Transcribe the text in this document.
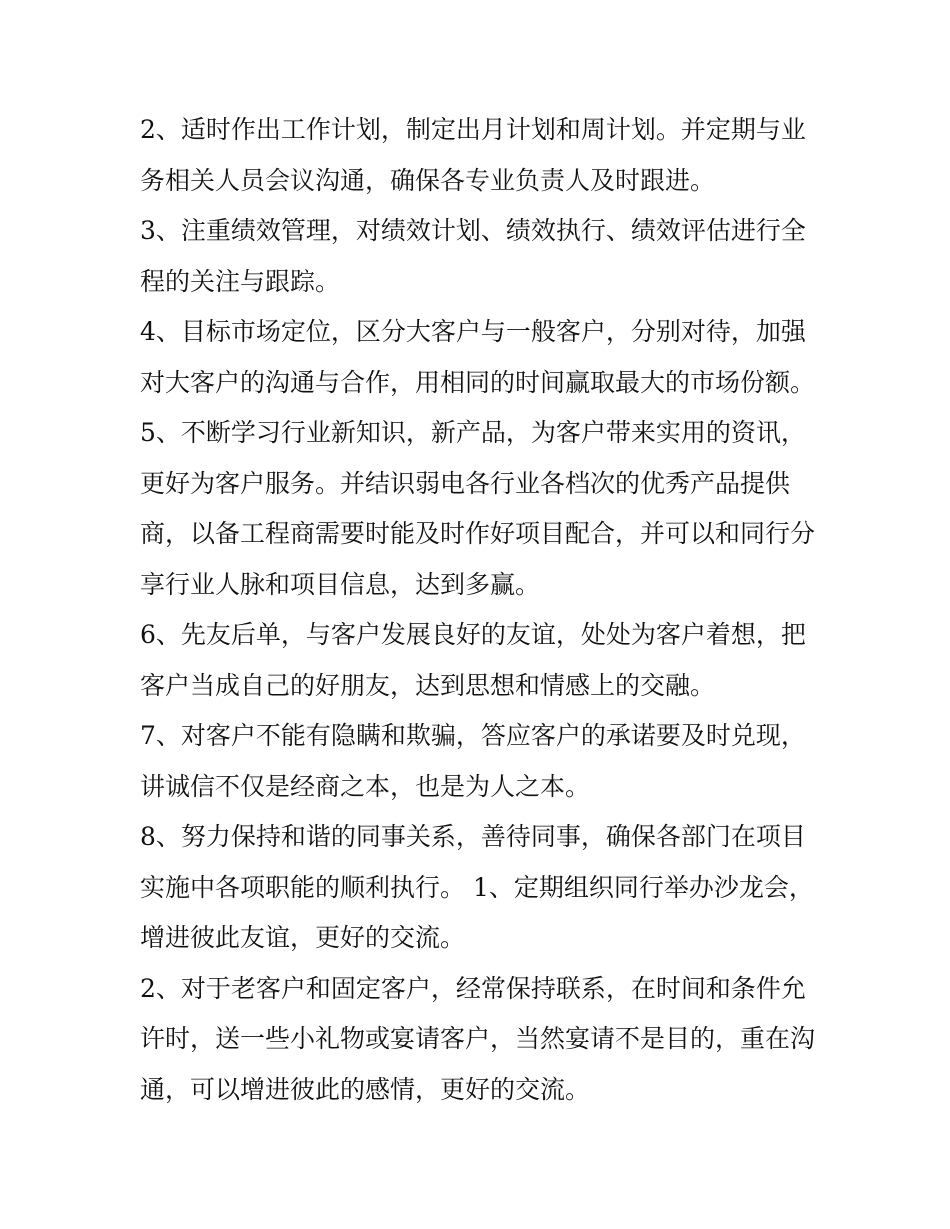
2、适时作出工作计划，制定出月计划和周计划。并定期与业
务相关人员会议沟通，确保各专业负责人及时跟进。
3、注重绩效管理，对绩效计划、绩效执行、绩效评估进行全
程的关注与跟踪。
4、目标市场定位，区分大客户与一般客户，分别对待，加强
对大客户的沟通与合作，用相同的时间赢取最大的市场份额。
5、不断学习行业新知识，新产品，为客户带来实用的资讯，
更好为客户服务。并结识弱电各行业各档次的优秀产品提供
商，以备工程商需要时能及时作好项目配合，并可以和同行分
享行业人脉和项目信息，达到多赢。
6、先友后单，与客户发展良好的友谊，处处为客户着想，把
客户当成自己的好朋友，达到思想和情感上的交融。
7、对客户不能有隐瞒和欺骗，答应客户的承诺要及时兑现，
讲诚信不仅是经商之本，也是为人之本。
8、努力保持和谐的同事关系，善待同事，确保各部门在项目
实施中各项职能的顺利执行。 1、定期组织同行举办沙龙会，
增进彼此友谊，更好的交流。
2、对于老客户和固定客户，经常保持联系，在时间和条件允
许时，送一些小礼物或宴请客户，当然宴请不是目的，重在沟
通，可以增进彼此的感情，更好的交流。
